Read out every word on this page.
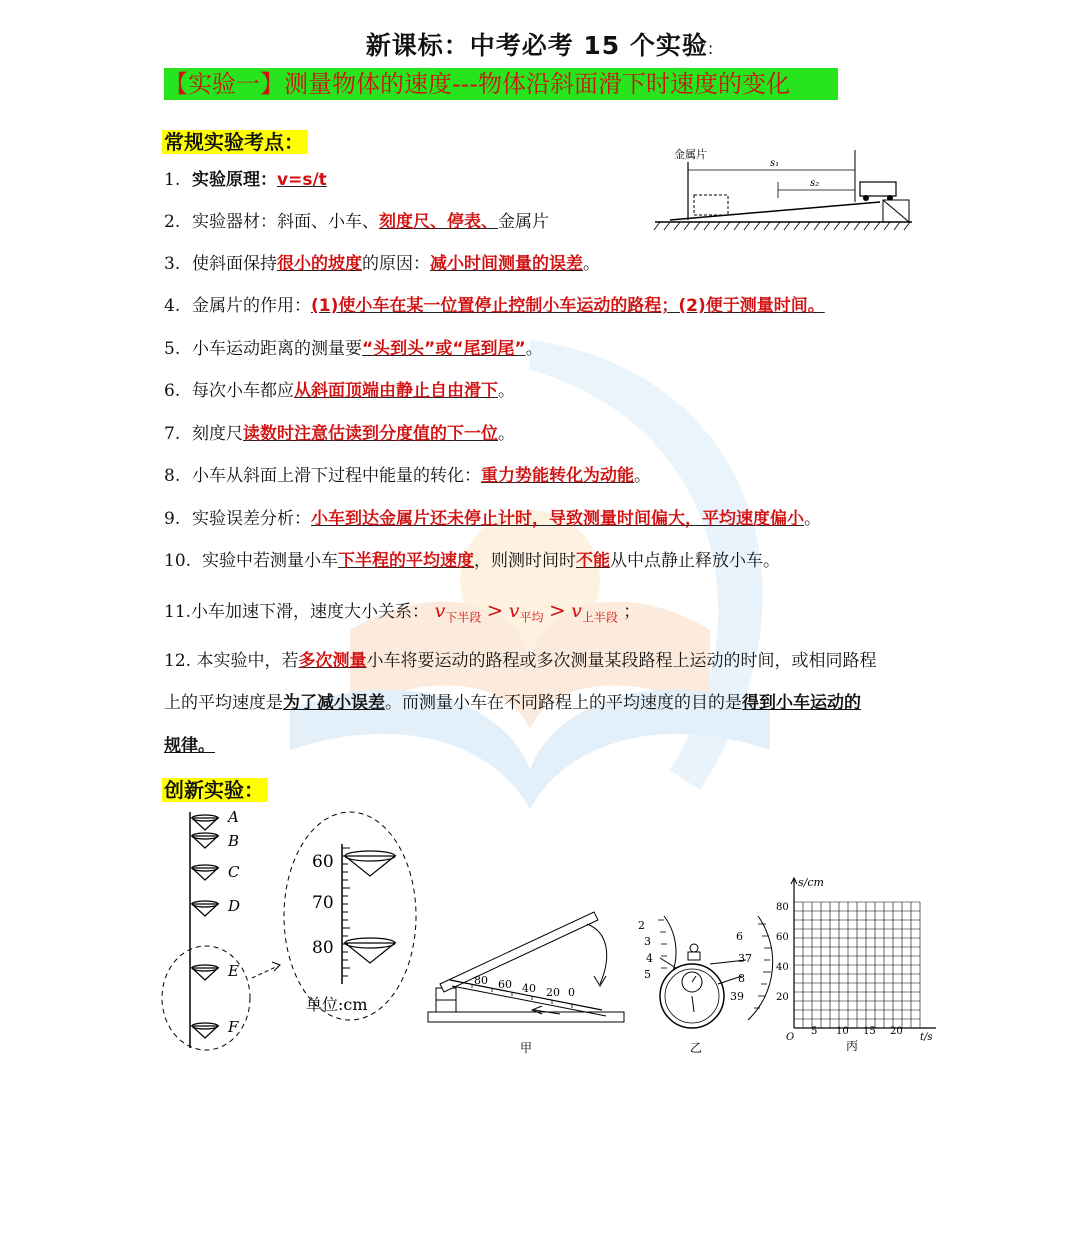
新课标：中考必考 15 个实验:
【实验一】测量物体的速度---物体沿斜面滑下时速度的变化
常规实验考点：
金属片
s₁
s₂
1. 实验原理：v=s/t
2. 实验器材：斜面、小车、刻度尺、停表、金属片
3. 使斜面保持很小的坡度的原因：减小时间测量的误差。
4. 金属片的作用：(1)使小车在某一位置停止控制小车运动的路程；(2)便于测量时间。
5. 小车运动距离的测量要“头到头”或“尾到尾”。
6. 每次小车都应从斜面顶端由静止自由滑下。
7. 刻度尺读数时注意估读到分度值的下一位。
8. 小车从斜面上滑下过程中能量的转化：重力势能转化为动能。
9. 实验误差分析：小车到达金属片还未停止计时，导致测量时间偏大，平均速度偏小。
10. 实验中若测量小车下半程的平均速度，则测时间时不能从中点静止释放小车。
11.小车加速下滑，速度大小关系： $v_{下半段} > v_{平均} > v_{上半段}$ ；
12. 本实验中，若多次测量小车将要运动的路程或多次测量某段路程上运动的时间，或相同路程
上的平均速度是为了减小误差。而测量小车在不同路程上的平均速度的目的是得到小车运动的
规律。
创新实验：
A
B
C
D
E
F
60
70
80
单位:cm
80 60 40 20 0
甲
2
3
4
5
6
37
8
39
乙
s/cm
80
60
40
20
O
5 10 15 20
t/s
丙
